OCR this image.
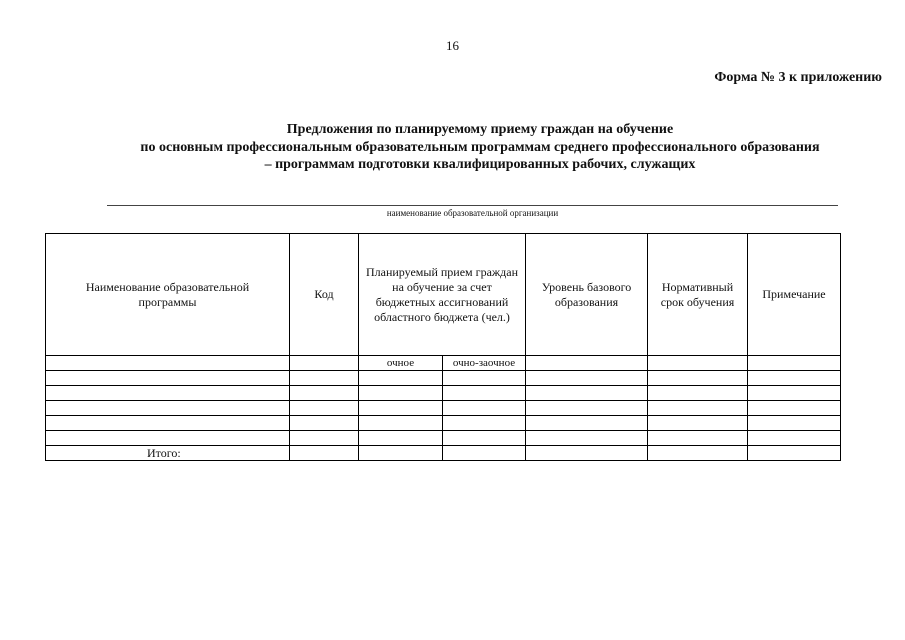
16
Форма № 3 к приложению
Предложения по планируемому приему граждан на обучение
по основным профессиональным образовательным программам среднего профессионального образования
– программам подготовки квалифицированных рабочих, служащих
наименование образовательной организации
Наименование образовательной программы	Код	Планируемый прием граждан на обучение за счет бюджетных ассигнований областного бюджета (чел.)		Уровень базового образования	Нормативный срок обучения	Примечание

		очное	очно-заочное			

Итого:						
